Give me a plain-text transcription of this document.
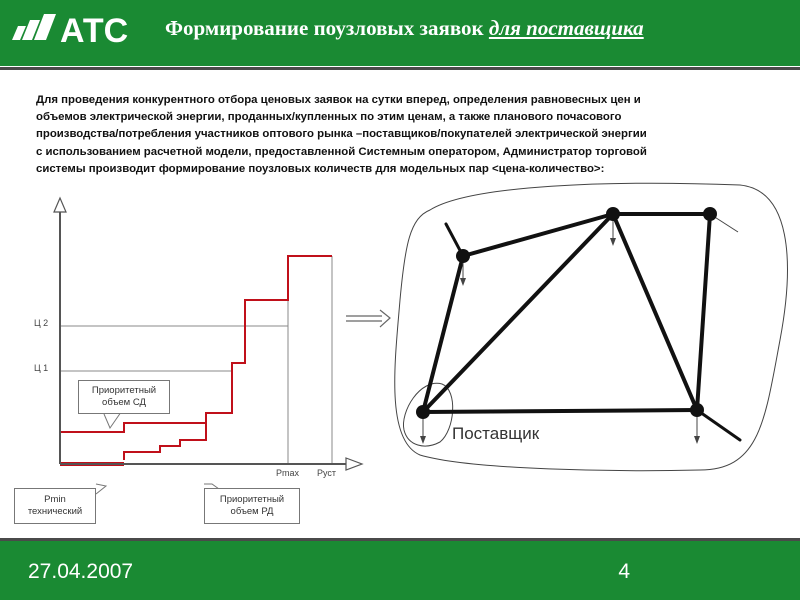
АТС Формирование поузловых заявок для поставщика

Для проведения конкурентного отбора ценовых заявок на сутки вперед, определения равновесных цен и

объемов электрической энергии, проданных/купленных по этим ценам, а также планового почасового

производства/потребления участников оптового рынка –поставщиков/покупателей электрической энергии

с использованием расчетной модели, предоставленной Системным оператором, Администратор торговой

системы производит формирование поузловых количеств для модельных пар <цена-количество>:

Ц 2
Ц 1
Pmax Pуст
Приоритетный
объем СД
Pmin
технический
Приоритетный
объем РД
Поставщик
27.04.2007	4
